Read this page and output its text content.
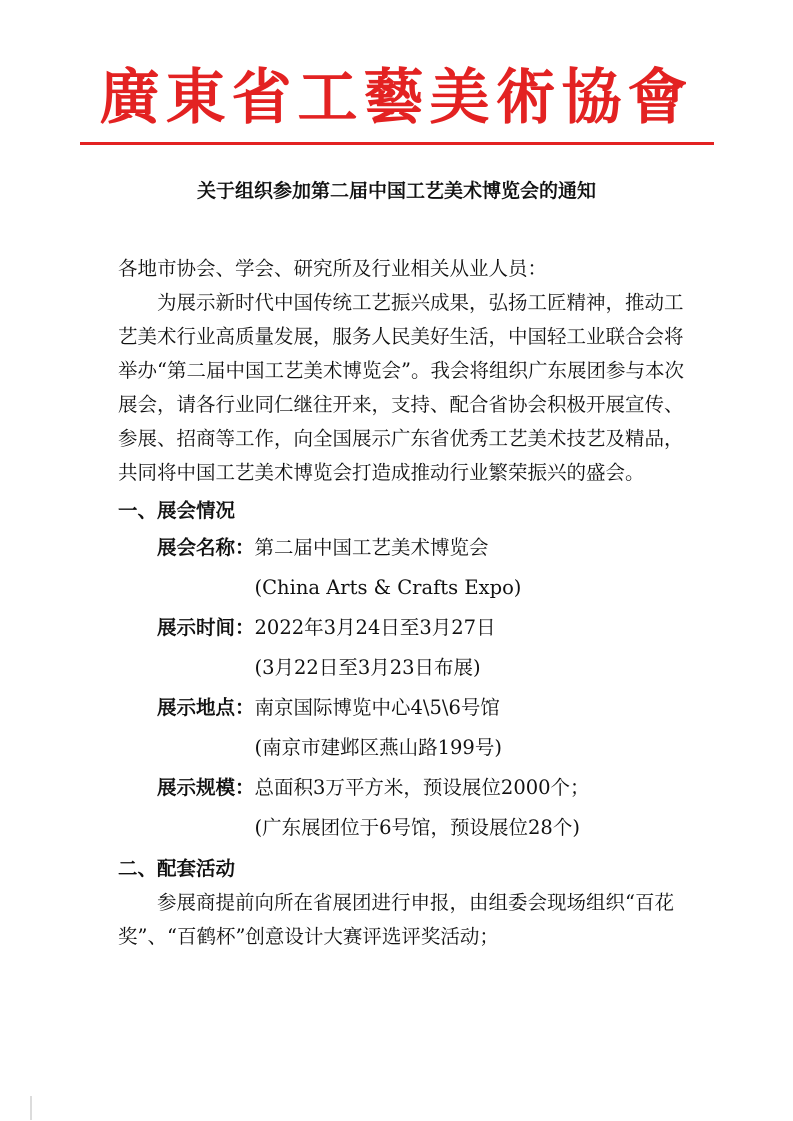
廣東省工藝美術協會
关于组织参加第二届中国工艺美术博览会的通知

各地市协会、学会、研究所及行业相关从业人员：

为展示新时代中国传统工艺振兴成果，弘扬工匠精神，推动工艺美术行业高质量发展，服务人民美好生活，中国轻工业联合会将举办“第二届中国工艺美术博览会”。我会将组织广东展团参与本次展会，请各行业同仁继往开来，支持、配合省协会积极开展宣传、参展、招商等工作，向全国展示广东省优秀工艺美术技艺及精品，共同将中国工艺美术博览会打造成推动行业繁荣振兴的盛会。

一、展会情况

展会名称： 第二届中国工艺美术博览会
(China Arts & Crafts Expo)
展示时间： 2022年3月24日至3月27日
(3月22日至3月23日布展)
展示地点： 南京国际博览中心4\5\6号馆
(南京市建邺区燕山路199号)
展示规模： 总面积3万平方米，预设展位2000个；
(广东展团位于6号馆，预设展位28个)

二、配套活动

参展商提前向所在省展团进行申报，由组委会现场组织“百花奖”、“百鹤杯”创意设计大赛评选评奖活动；
